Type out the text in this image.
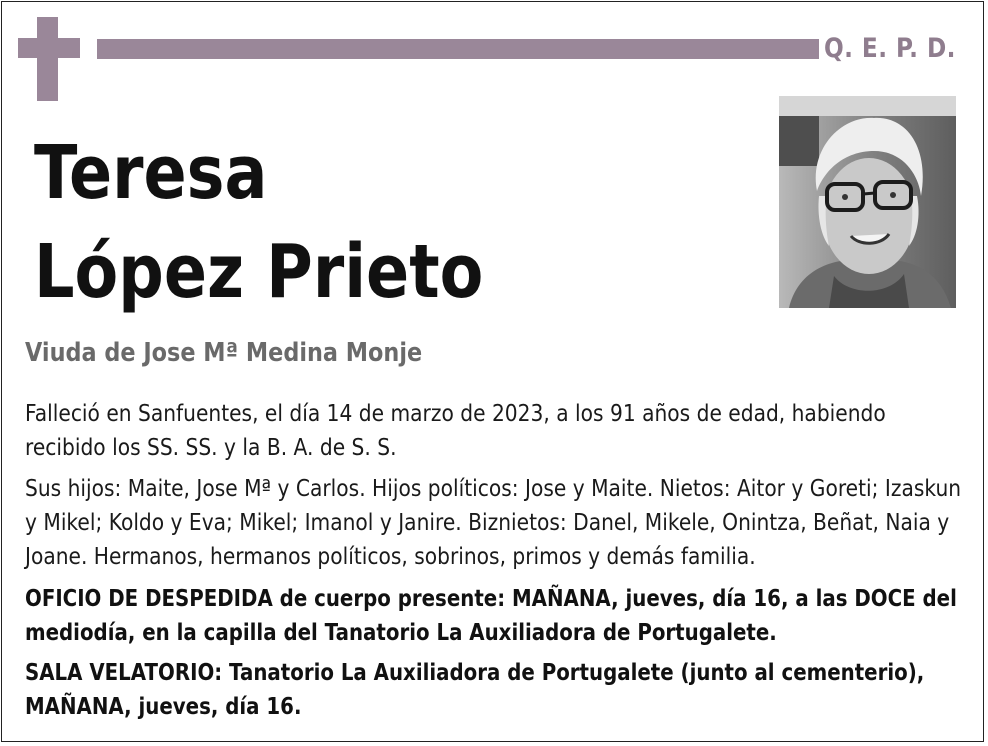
Q. E. P. D.
Teresa
López Prieto
Viuda de Jose Mª Medina Monje
Falleció en Sanfuentes, el día 14 de marzo de 2023, a los 91 años de edad, habiendo recibido los SS. SS. y la B. A. de S. S.
Sus hijos: Maite, Jose Mª y Carlos. Hijos políticos: Jose y Maite. Nietos: Aitor y Goreti; Izaskun y Mikel; Koldo y Eva; Mikel; Imanol y Janire. Biznietos: Danel, Mikele, Onintza, Beñat, Naia y Joane. Hermanos, hermanos políticos, sobrinos, primos y demás familia.
OFICIO DE DESPEDIDA de cuerpo presente: MAÑANA, jueves, día 16, a las DOCE del mediodía, en la capilla del Tanatorio La Auxiliadora de Portugalete.
SALA VELATORIO: Tanatorio La Auxiliadora de Portugalete (junto al cementerio), MAÑANA, jueves, día 16.
